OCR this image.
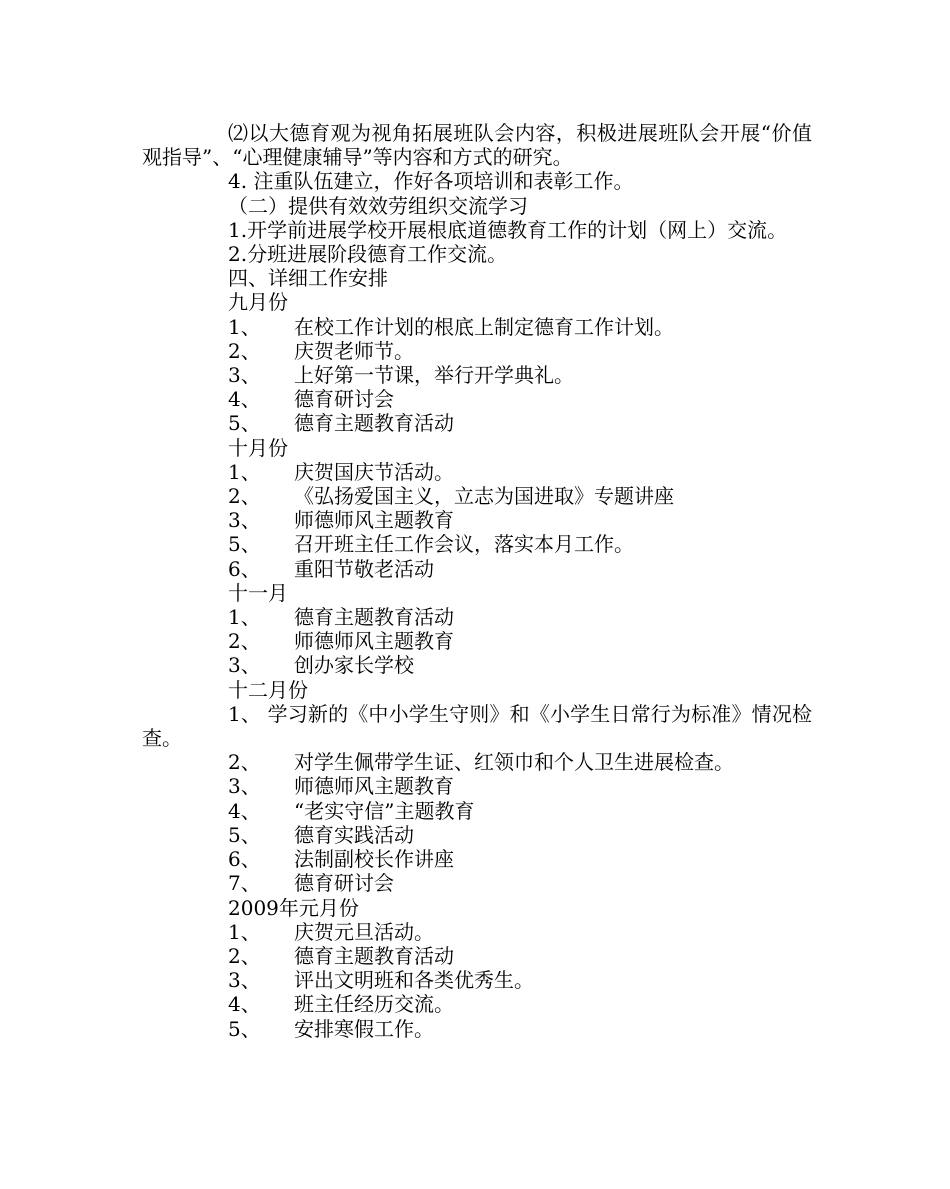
⑵以大德育观为视角拓展班队会内容，积极进展班队会开展“价值观指导”、“心理健康辅导”等内容和方式的研究。

4. 注重队伍建立，作好各项培训和表彰工作。

（二）提供有效效劳组织交流学习

1.开学前进展学校开展根底道德教育工作的计划（网上）交流。

2.分班进展阶段德育工作交流。

四、详细工作安排

九月份

1、 在校工作计划的根底上制定德育工作计划。
2、 庆贺老师节。
3、 上好第一节课，举行开学典礼。
4、 德育研讨会
5、 德育主题教育活动

十月份

1、 庆贺国庆节活动。
2、 《弘扬爱国主义，立志为国进取》专题讲座
3、 师德师风主题教育
5、 召开班主任工作会议，落实本月工作。
6、 重阳节敬老活动

十一月

1、 德育主题教育活动
2、 师德师风主题教育
3、 创办家长学校

十二月份

1、 学习新的《中小学生守则》和《小学生日常行为标准》情况检查。

2、 对学生佩带学生证、红领巾和个人卫生进展检查。
3、 师德师风主题教育
4、 “老实守信”主题教育
5、 德育实践活动
6、 法制副校长作讲座
7、 德育研讨会

2009年元月份

1、 庆贺元旦活动。
2、 德育主题教育活动
3、 评出文明班和各类优秀生。
4、 班主任经历交流。
5、 安排寒假工作。
